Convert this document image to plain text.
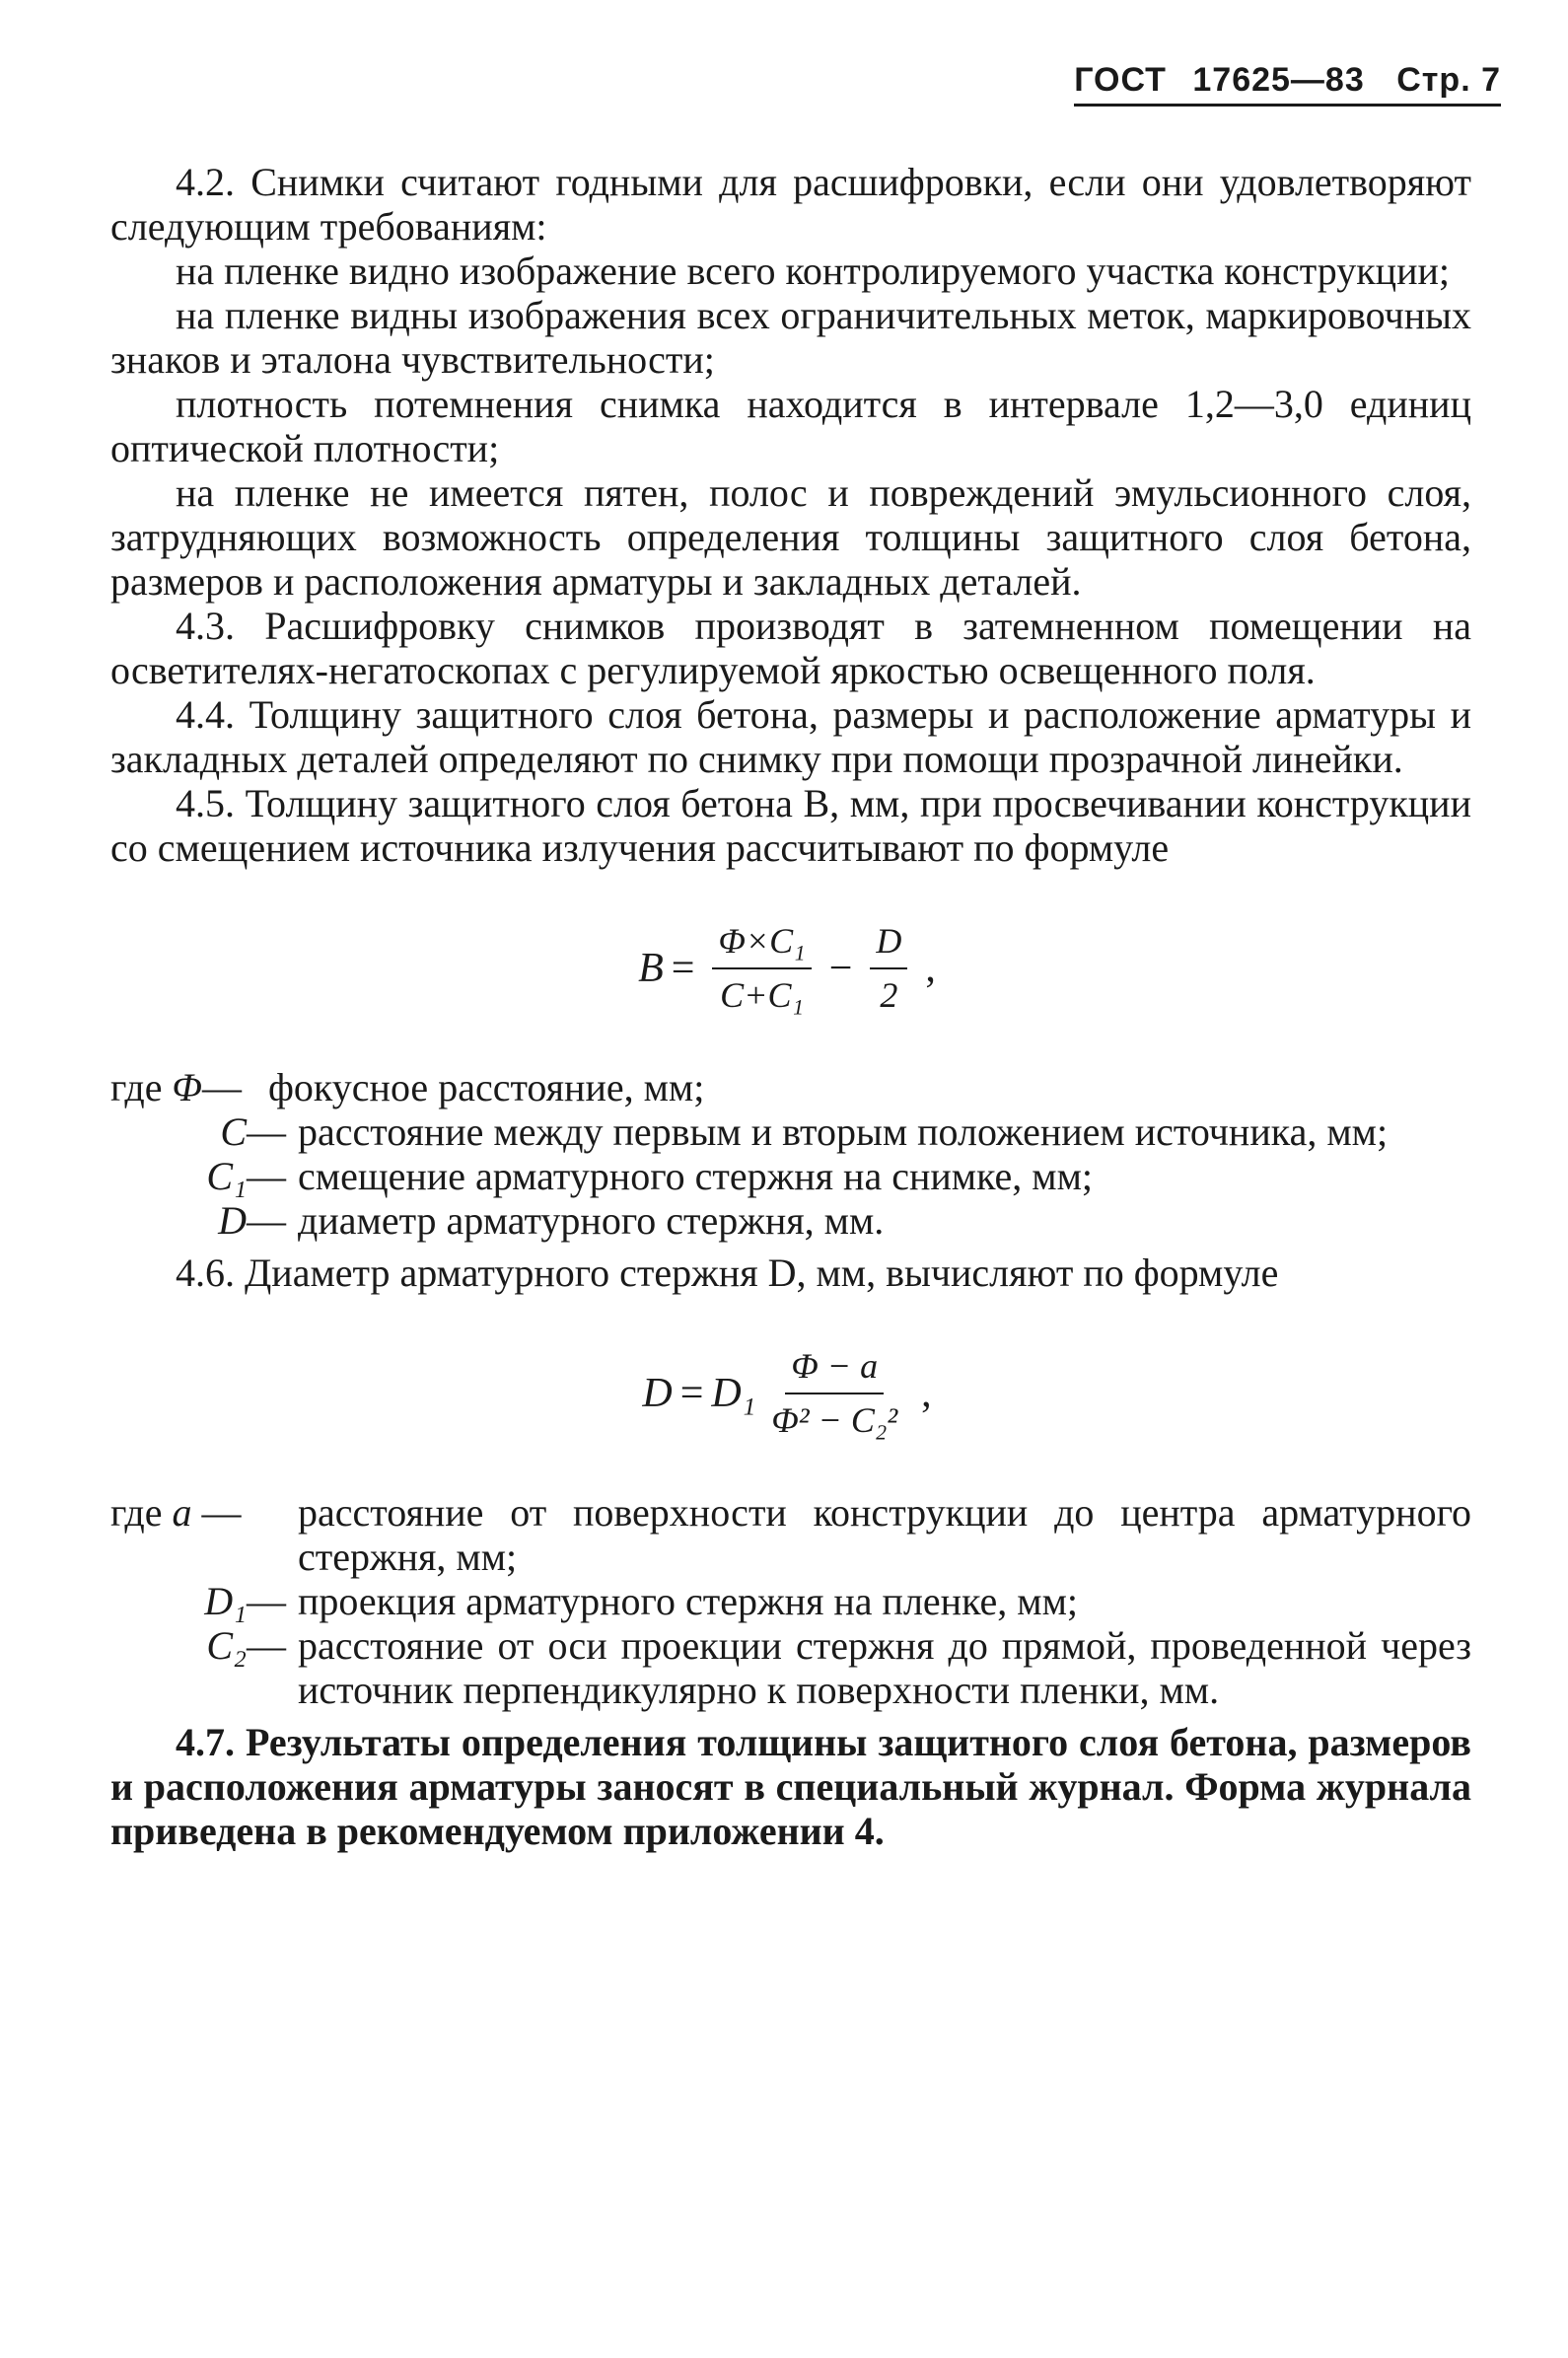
ГОСТ 17625—83 Стр. 7

4.2. Снимки считают годными для расшифровки, если они удовлетворяют следующим требованиям:

на пленке видно изображение всего контролируемого участка конструкции;

на пленке видны изображения всех ограничительных меток, маркировочных знаков и эталона чувствительности;

плотность потемнения снимка находится в интервале 1,2—3,0 единиц оптической плотности;

на пленке не имеется пятен, полос и повреждений эмульсионного слоя, затрудняющих возможность определения толщины защитного слоя бетона, размеров и расположения арматуры и закладных деталей.

4.3. Расшифровку снимков производят в затемненном помещении на осветителях-негатоскопах с регулируемой яркостью освещенного поля.

4.4. Толщину защитного слоя бетона, размеры и расположение арматуры и закладных деталей определяют по снимку при помощи прозрачной линейки.

4.5. Толщину защитного слоя бетона B, мм, при просвечивании конструкции со смещением источника излучения рассчитывают по формуле

$B = \frac{\text{Φ×C₁}}{\text{C+C₁}} - \frac{D}{2}$ ,
где Φ— фокусное расстояние, мм;
C— расстояние между первым и вторым положением источника, мм;
C₁— смещение арматурного стержня на снимке, мм;
D— диаметр арматурного стержня, мм.

4.6. Диаметр арматурного стержня D, мм, вычисляют по формуле

$D = D_1 \frac{\Phi - a}{\text{Φ² − C₂²}}$ ,
где a —	расстояние от поверхности конструкции до центра арматурного стержня, мм;
D₁— проекция арматурного стержня на пленке, мм;
C₂— расстояние от оси проекции стержня до прямой, проведенной через источник перпендикулярно к поверхности пленки, мм.

4.7. Результаты определения толщины защитного слоя бетона, размеров и расположения арматуры заносят в специальный журнал. Форма журнала приведена в рекомендуемом приложении 4.
